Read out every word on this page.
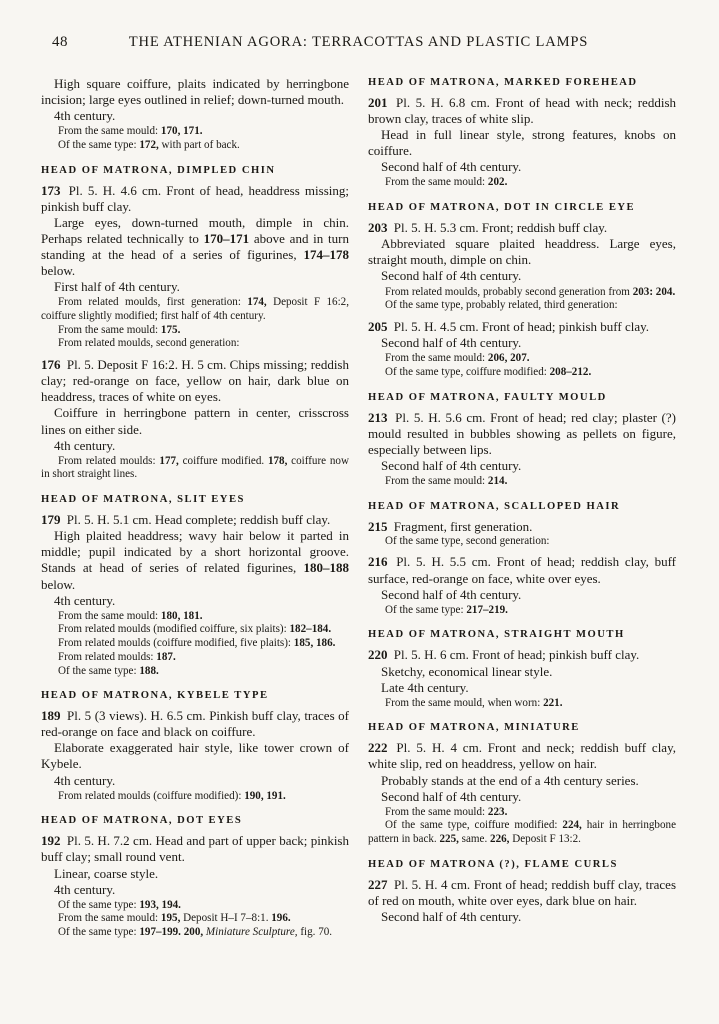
48	THE ATHENIAN AGORA: TERRACOTTAS AND PLASTIC LAMPS
High square coiffure, plaits indicated by herringbone incision; large eyes outlined in relief; down-turned mouth.
4th century.
From the same mould: 170, 171.
Of the same type: 172, with part of back.
HEAD OF MATRONA, DIMPLED CHIN
173 Pl. 5. H. 4.6 cm. Front of head, headdress missing; pinkish buff clay.
Large eyes, down-turned mouth, dimple in chin. Perhaps related technically to 170–171 above and in turn standing at the head of a series of figurines, 174–178 below.
First half of 4th century.
From related moulds, first generation: 174, Deposit F 16:2, coiffure slightly modified; first half of 4th century.
From the same mould: 175.
From related moulds, second generation:
176 Pl. 5. Deposit F 16:2. H. 5 cm. Chips missing; reddish clay; red-orange on face, yellow on hair, dark blue on headdress, traces of white on eyes.
Coiffure in herringbone pattern in center, crisscross lines on either side.
4th century.
From related moulds: 177, coiffure modified. 178, coiffure now in short straight lines.
HEAD OF MATRONA, SLIT EYES
179 Pl. 5. H. 5.1 cm. Head complete; reddish buff clay.
High plaited headdress; wavy hair below it parted in middle; pupil indicated by a short horizontal groove. Stands at head of series of related figurines, 180–188 below.
4th century.
From the same mould: 180, 181.
From related moulds (modified coiffure, six plaits): 182–184.
From related moulds (coiffure modified, five plaits): 185, 186.
From related moulds: 187.
Of the same type: 188.
HEAD OF MATRONA, KYBELE TYPE
189 Pl. 5 (3 views). H. 6.5 cm. Pinkish buff clay, traces of red-orange on face and black on coiffure.
Elaborate exaggerated hair style, like tower crown of Kybele.
4th century.
From related moulds (coiffure modified): 190, 191.
HEAD OF MATRONA, DOT EYES
192 Pl. 5. H. 7.2 cm. Head and part of upper back; pinkish buff clay; small round vent.
Linear, coarse style.
4th century.
Of the same type: 193, 194.
From the same mould: 195, Deposit H–I 7–8:1. 196.
Of the same type: 197–199. 200, Miniature Sculpture, fig. 70.
HEAD OF MATRONA, MARKED FOREHEAD
201 Pl. 5. H. 6.8 cm. Front of head with neck; reddish brown clay, traces of white slip.
Head in full linear style, strong features, knobs on coiffure.
Second half of 4th century.
From the same mould: 202.
HEAD OF MATRONA, DOT IN CIRCLE EYE
203 Pl. 5. H. 5.3 cm. Front; reddish buff clay.
Abbreviated square plaited headdress. Large eyes, straight mouth, dimple on chin.
Second half of 4th century.
From related moulds, probably second generation from 203: 204.
Of the same type, probably related, third generation:
205 Pl. 5. H. 4.5 cm. Front of head; pinkish buff clay.
Second half of 4th century.
From the same mould: 206, 207.
Of the same type, coiffure modified: 208–212.
HEAD OF MATRONA, FAULTY MOULD
213 Pl. 5. H. 5.6 cm. Front of head; red clay; plaster (?) mould resulted in bubbles showing as pellets on figure, especially between lips.
Second half of 4th century.
From the same mould: 214.
HEAD OF MATRONA, SCALLOPED HAIR
215 Fragment, first generation.
Of the same type, second generation:
216 Pl. 5. H. 5.5 cm. Front of head; reddish clay, buff surface, red-orange on face, white over eyes.
Second half of 4th century.
Of the same type: 217–219.
HEAD OF MATRONA, STRAIGHT MOUTH
220 Pl. 5. H. 6 cm. Front of head; pinkish buff clay.
Sketchy, economical linear style.
Late 4th century.
From the same mould, when worn: 221.
HEAD OF MATRONA, MINIATURE
222 Pl. 5. H. 4 cm. Front and neck; reddish buff clay, white slip, red on headdress, yellow on hair.
Probably stands at the end of a 4th century series.
Second half of 4th century.
From the same mould: 223.
Of the same type, coiffure modified: 224, hair in herringbone pattern in back. 225, same. 226, Deposit F 13:2.
HEAD OF MATRONA (?), FLAME CURLS
227 Pl. 5. H. 4 cm. Front of head; reddish buff clay, traces of red on mouth, white over eyes, dark blue on hair.
Second half of 4th century.
